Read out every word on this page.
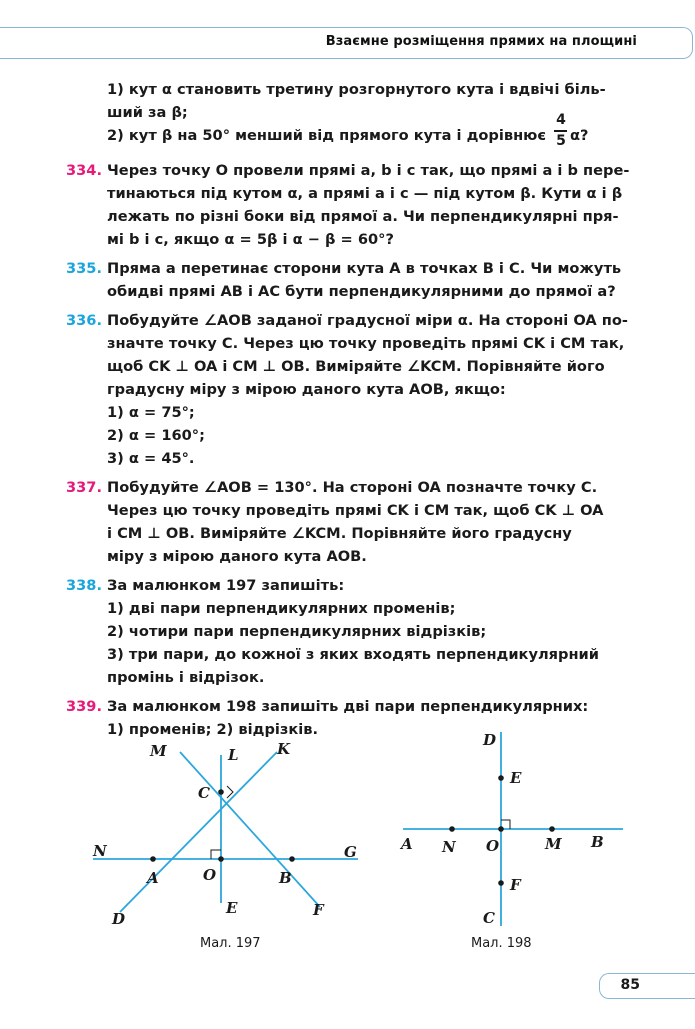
Взаємне розміщення прямих на площині
1) кут α становить третину розгорнутого кута і вдвічі біль-
ший за β;
2) кут β на 50° менший від прямого кута і дорівнює
4
5 α?
334. Через точку O провели прямі a, b і c так, що прямі a і b пере-
тинаються під кутом α, а прямі a і c — під кутом β. Кути α і β
лежать по різні боки від прямої a. Чи перпендикулярні пря-
мі b і c, якщо α = 5β і α − β = 60°?
335. Пряма a перетинає сторони кута A в точках B і C. Чи можуть
обидві прямі AB і AC бути перпендикулярними до прямої a?
336. Побудуйте ∠AOB заданої градусної міри α. На стороні OA по-
значте точку C. Через цю точку проведіть прямі CK і CM так,
щоб CK ⊥ OA і CM ⊥ OB. Виміряйте ∠KCM. Порівняйте його
градусну міру з мірою даного кута AOB, якщо:
1) α = 75°;
2) α = 160°;
3) α = 45°.
337. Побудуйте ∠AOB = 130°. На стороні OA позначте точку C.
Через цю точку проведіть прямі CK і CM так, щоб CK ⊥ OA
і CM ⊥ OB. Виміряйте ∠KCM. Порівняйте його градусну
міру з мірою даного кута AOB.
338. За малюнком 197 запишіть:
1) дві пари перпендикулярних променів;
2) чотири пари перпендикулярних відрізків;
3) три пари, до кожної з яких входять перпендикулярний
промінь і відрізок.
339. За малюнком 198 запишіть дві пари перпендикулярних:
1) променів; 2) відрізків.
M	L	K
C
N	G
A	O	B
D
E	F
Мал. 197
D
E
A N O	M B
F
C
Мал. 198
85
